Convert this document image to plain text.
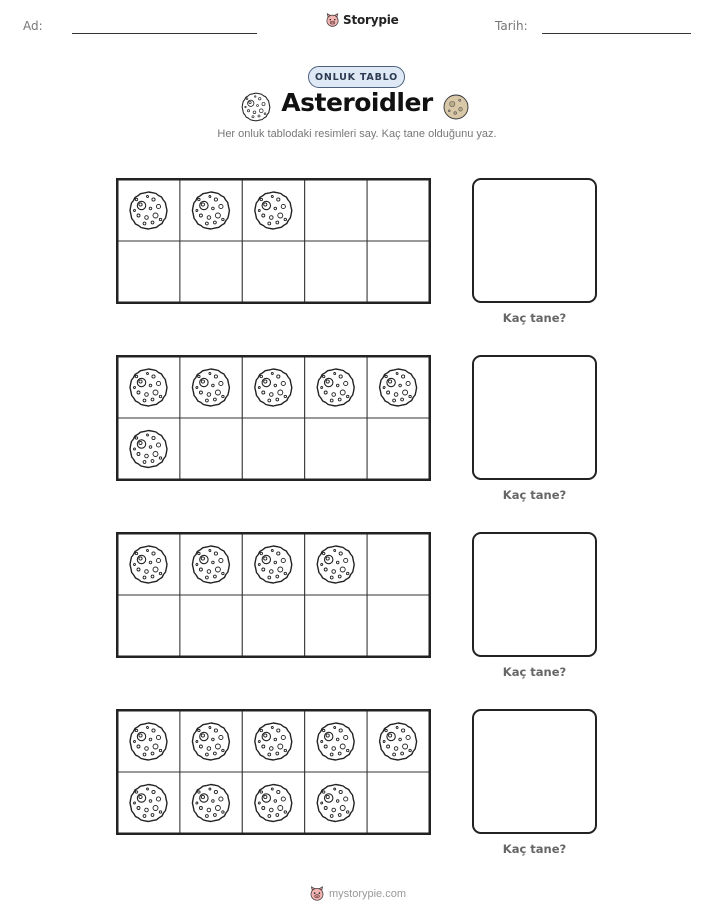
Ad:	Storypie	Tarih:
ONLUK TABLO
Asteroidler
Her onluk tablodaki resimleri say. Kaç tane olduğunu yaz.
Kaç tane?
Kaç tane?
Kaç tane?
Kaç tane?
mystorypie.com
